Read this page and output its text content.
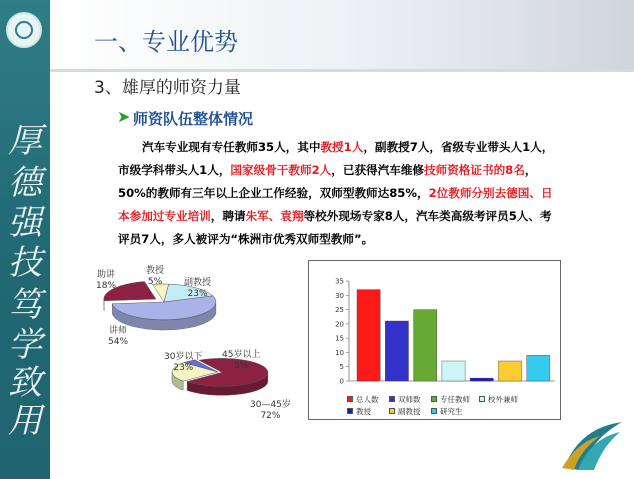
厚
德
强
技
笃
学
致
用
一、专业优势
3、雄厚的师资力量
➤ 师资队伍整体情况
汽车专业现有专任教师35人，其中教授1人，副教授7人，省级专业带头人1人，市级学科带头人1人，国家级骨干教师2人，已获得汽车维修技师资格证书的8名，50%的教师有三年以上企业工作经验，双师型教师达85%，2位教师分别去德国、日本参加过专业培训，聘请朱军、袁翔等校外现场专家8人，汽车类高级考评员5人、考评员7人，多人被评为“株洲市优秀双师型教师”。
助讲
18%
教授
5% 副教授
23%
讲师
54%
30岁以下
23%
45岁以上
5%
30—45岁
72%
0
5
10
15
20
25
30
35
总人数	双师数	专任教师 校外兼师
教授	副教授	研究生
